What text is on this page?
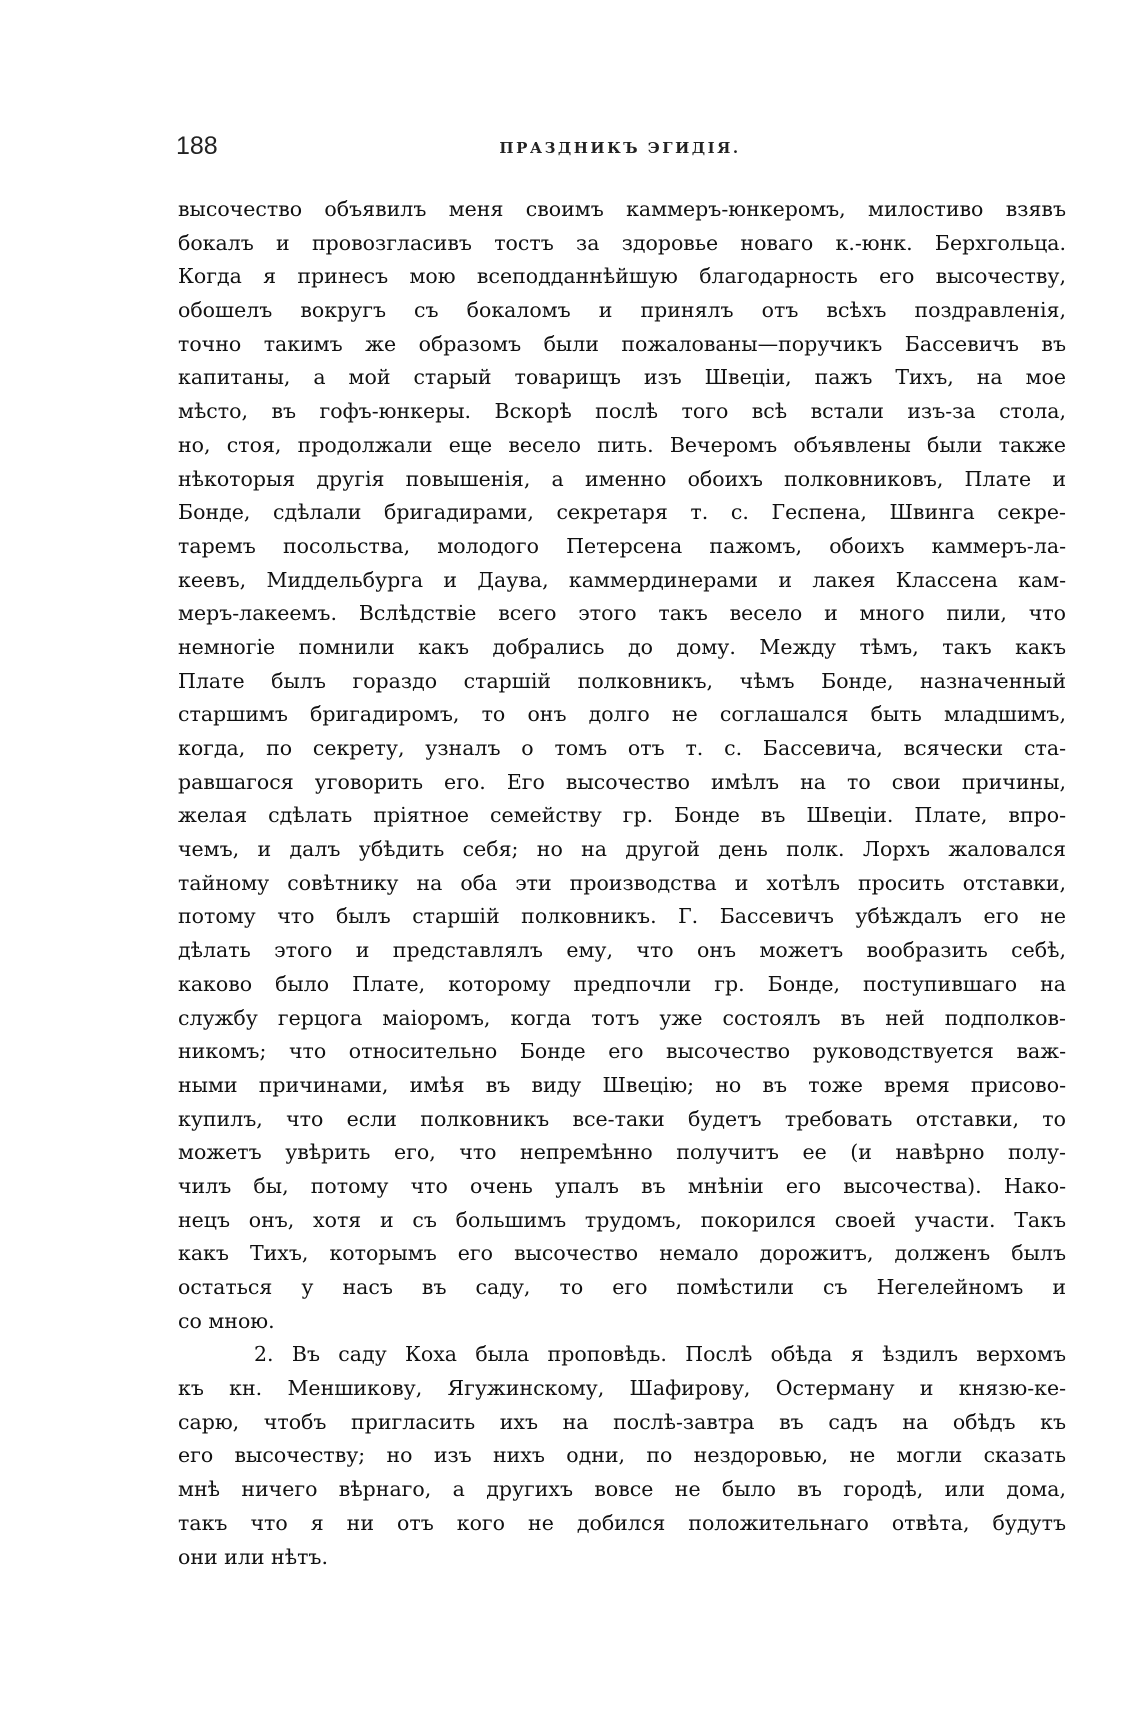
188	ПРАЗДНИКЪ ЭГИДІЯ.
высочество объявилъ меня своимъ каммеръ-юнкеромъ, милостиво взявъ
бокалъ и провозгласивъ тостъ за здоровье новаго к.-юнк. Берхгольца.
Когда я принесъ мою всеподданнѣйшую благодарность его высочеству,
обошелъ вокругъ съ бокаломъ и принялъ отъ всѣхъ поздравленія,
точно такимъ же образомъ были пожалованы—поручикъ Бассевичъ въ
капитаны, а мой старый товарищъ изъ Швеціи, пажъ Тихъ, на мое
мѣсто, въ гофъ-юнкеры. Вскорѣ послѣ того всѣ встали изъ-за стола,
но, стоя, продолжали еще весело пить. Вечеромъ объявлены были также
нѣкоторыя другія повышенія, а именно обоихъ полковниковъ, Плате и
Бонде, сдѣлали бригадирами, секретаря т. с. Геспена, Швинга секре-
таремъ посольства, молодого Петерсена пажомъ, обоихъ каммеръ-ла-
кеевъ, Миддельбурга и Даува, каммердинерами и лакея Классена кам-
меръ-лакеемъ. Вслѣдствіе всего этого такъ весело и много пили, что
немногіе помнили какъ добрались до дому. Между тѣмъ, такъ какъ
Плате былъ гораздо старшій полковникъ, чѣмъ Бонде, назначенный
старшимъ бригадиромъ, то онъ долго не соглашался быть младшимъ,
когда, по секрету, узналъ о томъ отъ т. с. Бассевича, всячески ста-
равшагося уговорить его. Его высочество имѣлъ на то свои причины,
желая сдѣлать пріятное семейству гр. Бонде въ Швеціи. Плате, впро-
чемъ, и далъ убѣдить себя; но на другой день полк. Лорхъ жаловался
тайному совѣтнику на оба эти производства и хотѣлъ просить отставки,
потому что былъ старшій полковникъ. Г. Бассевичъ убѣждалъ его не
дѣлать этого и представлялъ ему, что онъ можетъ вообразить себѣ,
каково было Плате, которому предпочли гр. Бонде, поступившаго на
службу герцога маіоромъ, когда тотъ уже состоялъ въ ней подполков-
никомъ; что относительно Бонде его высочество руководствуется важ-
ными причинами, имѣя въ виду Швецію; но въ тоже время присово-
купилъ, что если полковникъ все-таки будетъ требовать отставки, то
можетъ увѣрить его, что непремѣнно получитъ ее (и навѣрно полу-
чилъ бы, потому что очень упалъ въ мнѣніи его высочества). Нако-
нецъ онъ, хотя и съ большимъ трудомъ, покорился своей участи. Такъ
какъ Тихъ, которымъ его высочество немало дорожитъ, долженъ былъ
остаться у насъ въ саду, то его помѣстили съ Негелейномъ и
со мною.
2. Въ саду Коха была проповѣдь. Послѣ обѣда я ѣздилъ верхомъ
къ кн. Меншикову, Ягужинскому, Шафирову, Остерману и князю-ке-
сарю, чтобъ пригласить ихъ на послѣ-завтра въ садъ на обѣдъ къ
его высочеству; но изъ нихъ одни, по нездоровью, не могли сказать
мнѣ ничего вѣрнаго, а другихъ вовсе не было въ городѣ, или дома,
такъ что я ни отъ кого не добился положительнаго отвѣта, будутъ
они или нѣтъ.
